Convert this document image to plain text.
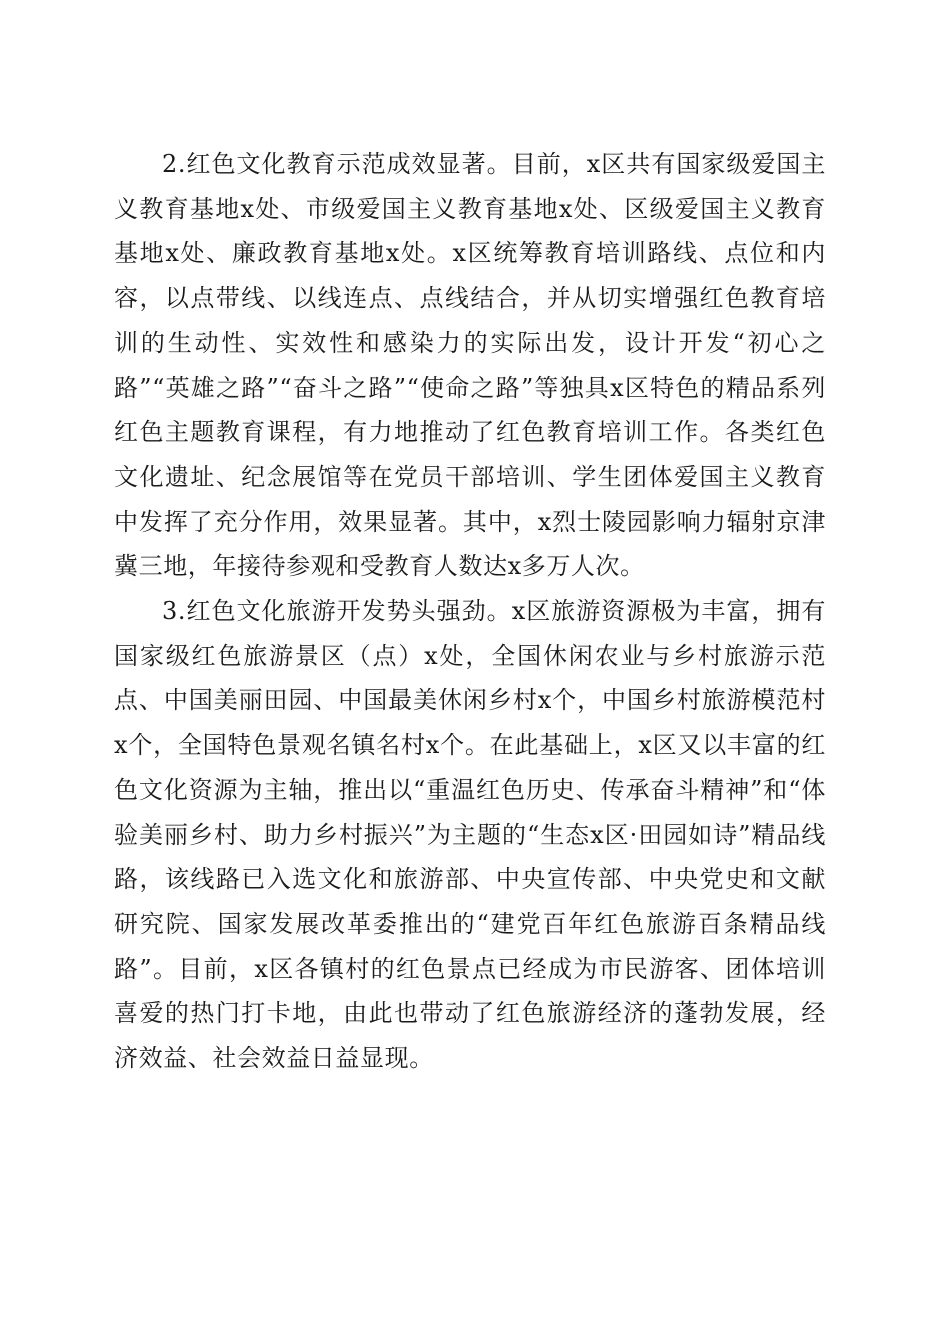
2.红色文化教育示范成效显著。目前，x区共有国家级爱国主义教育基地x处、市级爱国主义教育基地x处、区级爱国主义教育基地x处、廉政教育基地x处。x区统筹教育培训路线、点位和内容，以点带线、以线连点、点线结合，并从切实增强红色教育培训的生动性、实效性和感染力的实际出发，设计开发“初心之路”“英雄之路”“奋斗之路”“使命之路”等独具x区特色的精品系列红色主题教育课程，有力地推动了红色教育培训工作。各类红色文化遗址、纪念展馆等在党员干部培训、学生团体爱国主义教育中发挥了充分作用，效果显著。其中，x烈士陵园影响力辐射京津冀三地，年接待参观和受教育人数达x多万人次。

3.红色文化旅游开发势头强劲。x区旅游资源极为丰富，拥有国家级红色旅游景区（点）x处，全国休闲农业与乡村旅游示范点、中国美丽田园、中国最美休闲乡村x个，中国乡村旅游模范村x个，全国特色景观名镇名村x个。在此基础上，x区又以丰富的红色文化资源为主轴，推出以“重温红色历史、传承奋斗精神”和“体验美丽乡村、助力乡村振兴”为主题的“生态x区·田园如诗”精品线路，该线路已入选文化和旅游部、中央宣传部、中央党史和文献研究院、国家发展改革委推出的“建党百年红色旅游百条精品线路”。目前，x区各镇村的红色景点已经成为市民游客、团体培训喜爱的热门打卡地，由此也带动了红色旅游经济的蓬勃发展，经济效益、社会效益日益显现。
